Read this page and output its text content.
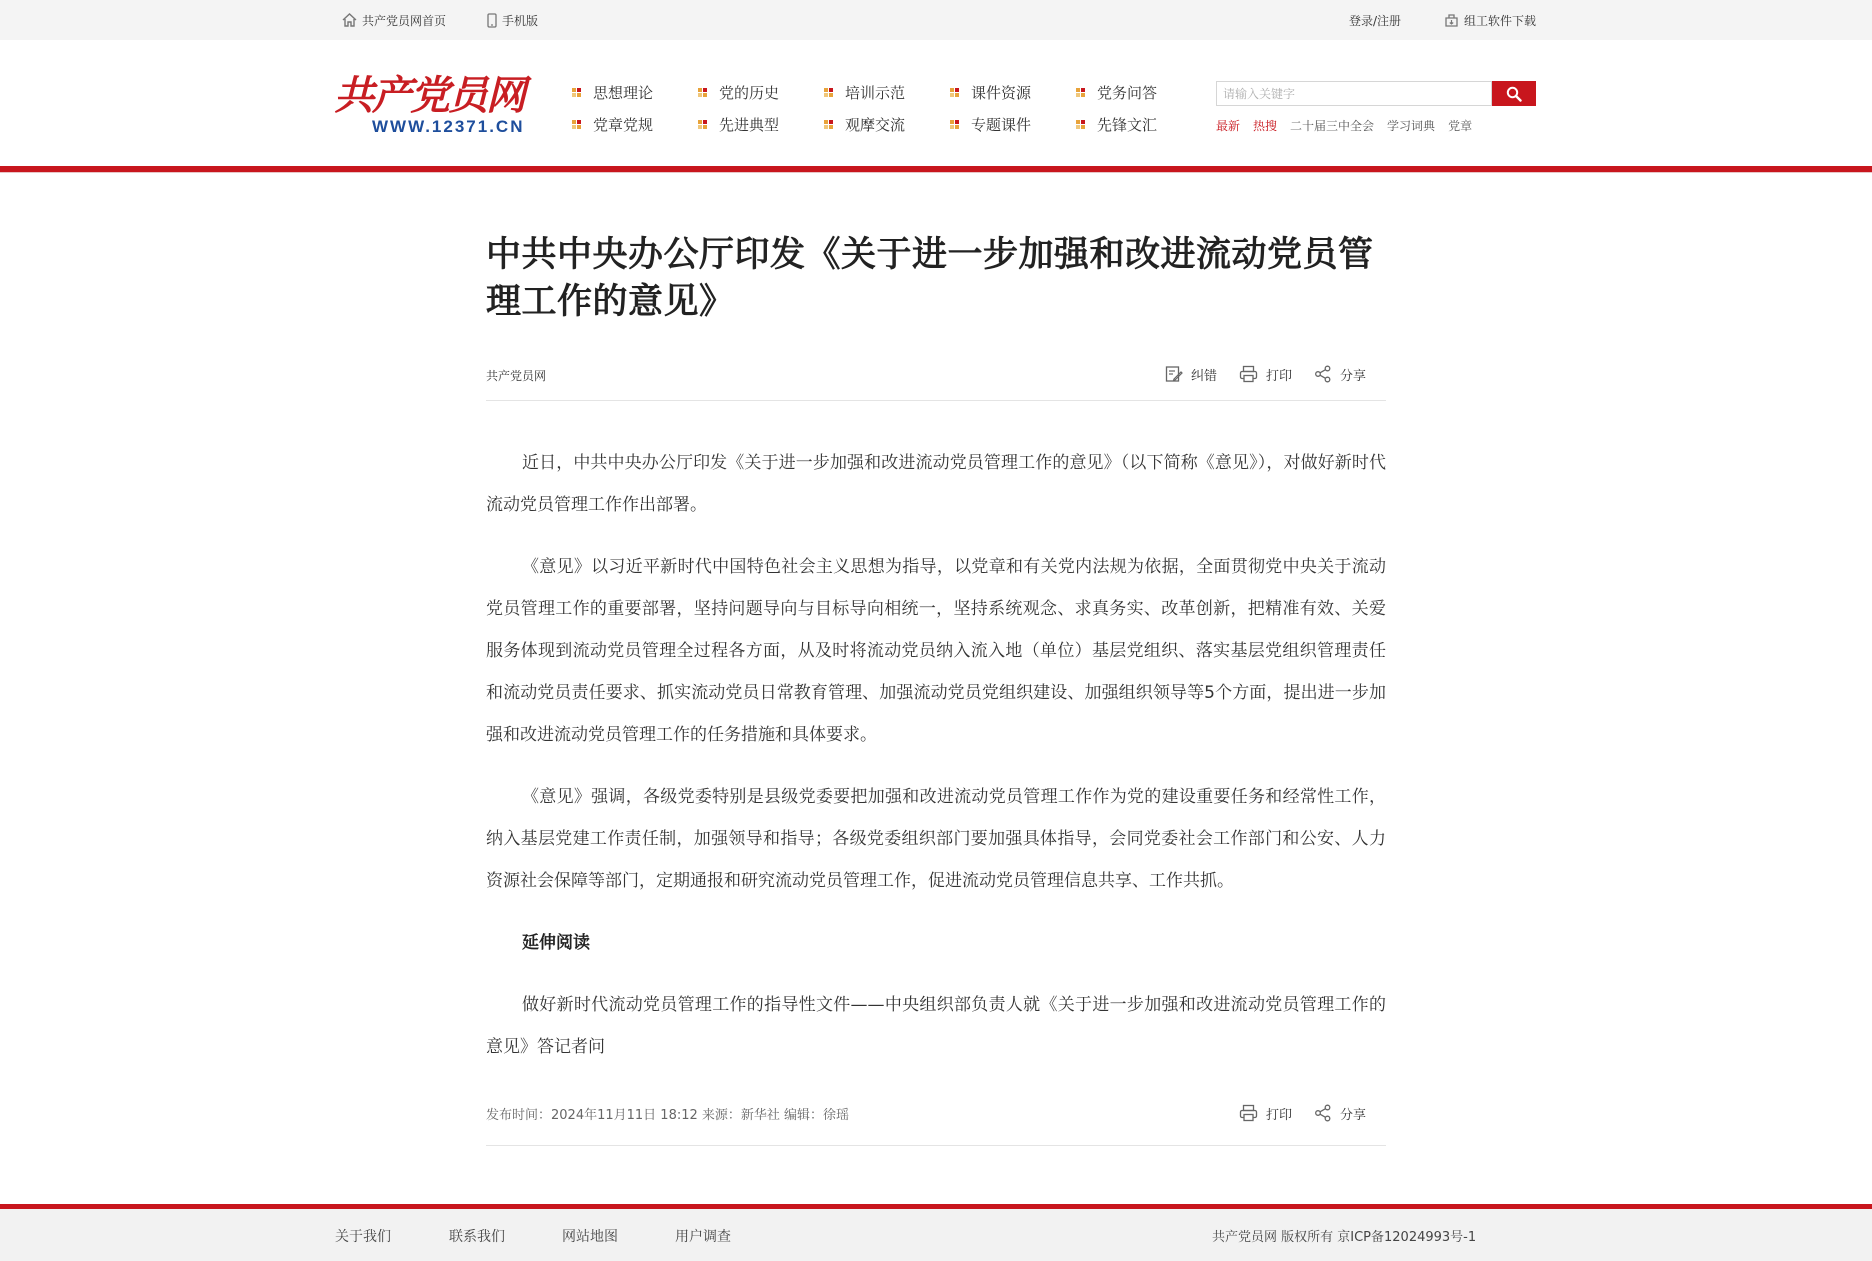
共产党员网首页	手机版	登录/注册	组工软件下载
共产党员网
WWW.12371.CN
思想理论	党的历史	培训示范	课件资源	党务问答
党章党规	先进典型	观摩交流	专题课件	先锋文汇
请输入关键字	最新 热搜 二十届三中全会 学习词典 党章
中共中央办公厅印发《关于进一步加强和改进流动党员管理工作的意见》
共产党员网	纠错	打印	分享

近日，中共中央办公厅印发《关于进一步加强和改进流动党员管理工作的意见》（以下简称《意见》），对做好新时代流动党员管理工作作出部署。

《意见》以习近平新时代中国特色社会主义思想为指导，以党章和有关党内法规为依据，全面贯彻党中央关于流动党员管理工作的重要部署，坚持问题导向与目标导向相统一，坚持系统观念、求真务实、改革创新，把精准有效、关爱服务体现到流动党员管理全过程各方面，从及时将流动党员纳入流入地（单位）基层党组织、落实基层党组织管理责任和流动党员责任要求、抓实流动党员日常教育管理、加强流动党员党组织建设、加强组织领导等5个方面，提出进一步加强和改进流动党员管理工作的任务措施和具体要求。

《意见》强调，各级党委特别是县级党委要把加强和改进流动党员管理工作作为党的建设重要任务和经常性工作，纳入基层党建工作责任制，加强领导和指导；各级党委组织部门要加强具体指导，会同党委社会工作部门和公安、人力资源社会保障等部门，定期通报和研究流动党员管理工作，促进流动党员管理信息共享、工作共抓。

延伸阅读

做好新时代流动党员管理工作的指导性文件——中央组织部负责人就《关于进一步加强和改进流动党员管理工作的意见》答记者问

发布时间：2024年11月11日 18:12 来源：新华社 编辑：徐瑶	打印	分享
关于我们	联系我们	网站地图	用户调查	共产党员网 版权所有 京ICP备12024993号-1
